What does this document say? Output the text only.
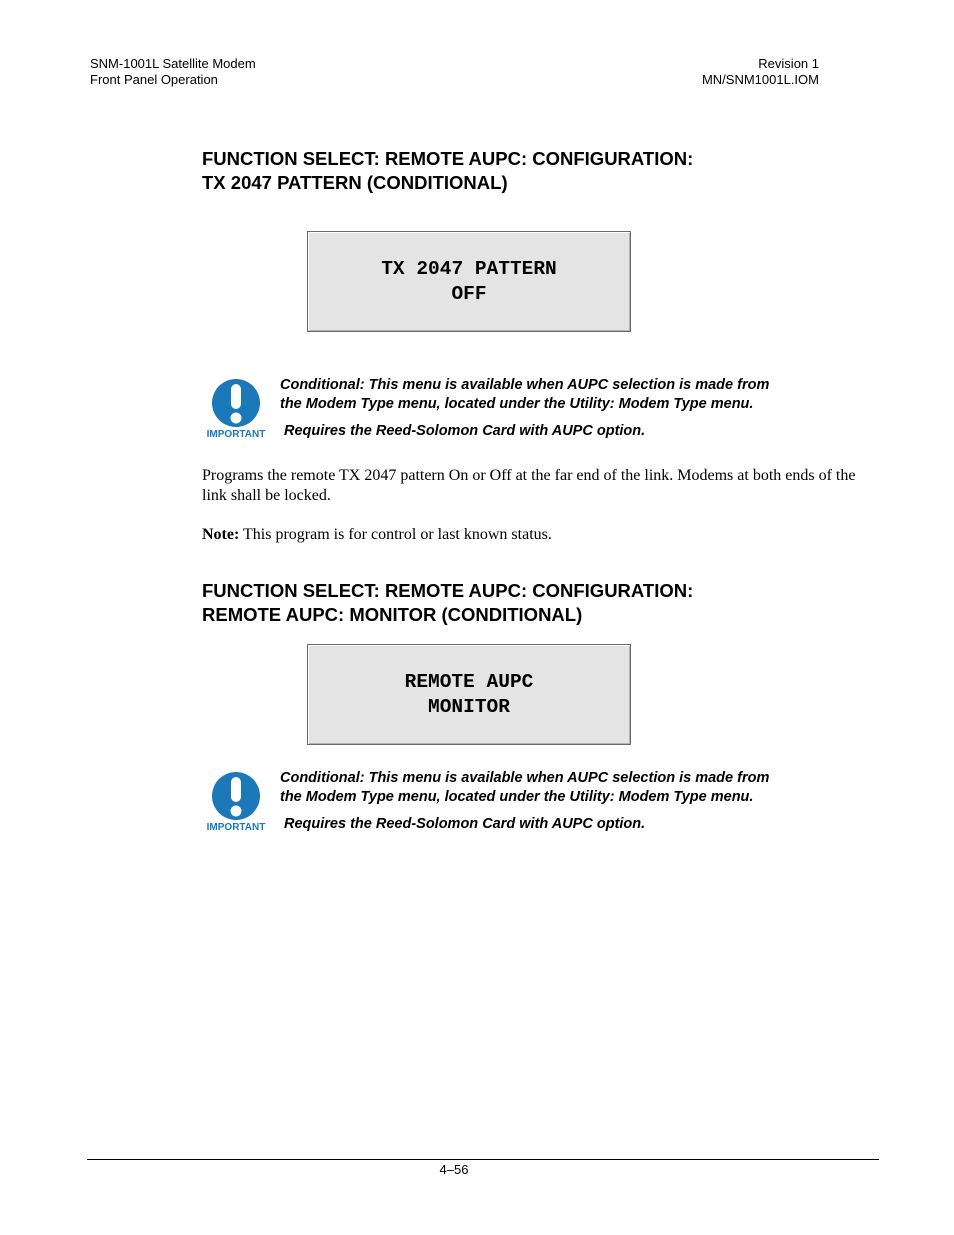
SNM-1001L Satellite Modem
Front Panel Operation
Revision 1
MN/SNM1001L.IOM
FUNCTION SELECT: REMOTE AUPC: CONFIGURATION:
TX 2047 PATTERN (CONDITIONAL)
TX 2047 PATTERN
OFF
IMPORTANT
Conditional: This menu is available when AUPC selection is made from
the Modem Type menu, located under the Utility: Modem Type menu.
Requires the Reed-Solomon Card with AUPC option.
Programs the remote TX 2047 pattern On or Off at the far end of the link. Modems at both ends of the link shall be locked.
Note: This program is for control or last known status.
FUNCTION SELECT: REMOTE AUPC: CONFIGURATION:
REMOTE AUPC: MONITOR (CONDITIONAL)
REMOTE AUPC
MONITOR
IMPORTANT
Conditional: This menu is available when AUPC selection is made from
the Modem Type menu, located under the Utility: Modem Type menu.
Requires the Reed-Solomon Card with AUPC option.
4–56
